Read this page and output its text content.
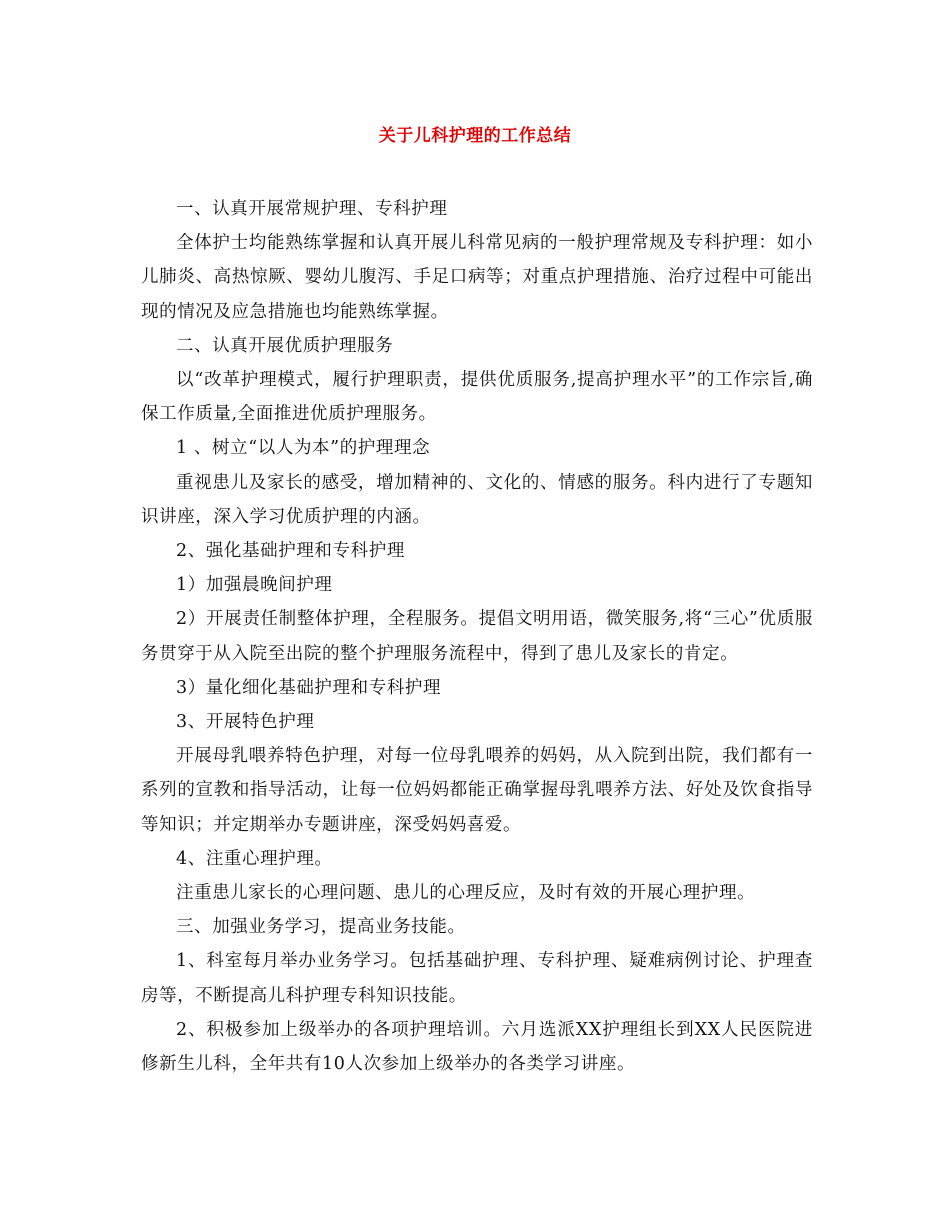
关于儿科护理的工作总结

一、认真开展常规护理、专科护理

全体护士均能熟练掌握和认真开展儿科常见病的一般护理常规及专科护理：如小儿肺炎、高热惊厥、婴幼儿腹泻、手足口病等；对重点护理措施、治疗过程中可能出现的情况及应急措施也均能熟练掌握。

二、认真开展优质护理服务

以“改革护理模式，履行护理职责，提供优质服务,提高护理水平”的工作宗旨,确保工作质量,全面推进优质护理服务。

1 、树立“以人为本”的护理理念

重视患儿及家长的感受，增加精神的、文化的、情感的服务。科内进行了专题知识讲座，深入学习优质护理的内涵。

2、强化基础护理和专科护理

1）加强晨晚间护理

2）开展责任制整体护理，全程服务。提倡文明用语，微笑服务,将“三心”优质服务贯穿于从入院至出院的整个护理服务流程中，得到了患儿及家长的肯定。

3）量化细化基础护理和专科护理

3、开展特色护理

开展母乳喂养特色护理，对每一位母乳喂养的妈妈，从入院到出院，我们都有一系列的宣教和指导活动，让每一位妈妈都能正确掌握母乳喂养方法、好处及饮食指导等知识；并定期举办专题讲座，深受妈妈喜爱。

4、注重心理护理。

注重患儿家长的心理问题、患儿的心理反应，及时有效的开展心理护理。

三、加强业务学习，提高业务技能。

1、科室每月举办业务学习。包括基础护理、专科护理、疑难病例讨论、护理查房等，不断提高儿科护理专科知识技能。

2、积极参加上级举办的各项护理培训。六月选派XX护理组长到XX人民医院进修新生儿科，全年共有10人次参加上级举办的各类学习讲座。
